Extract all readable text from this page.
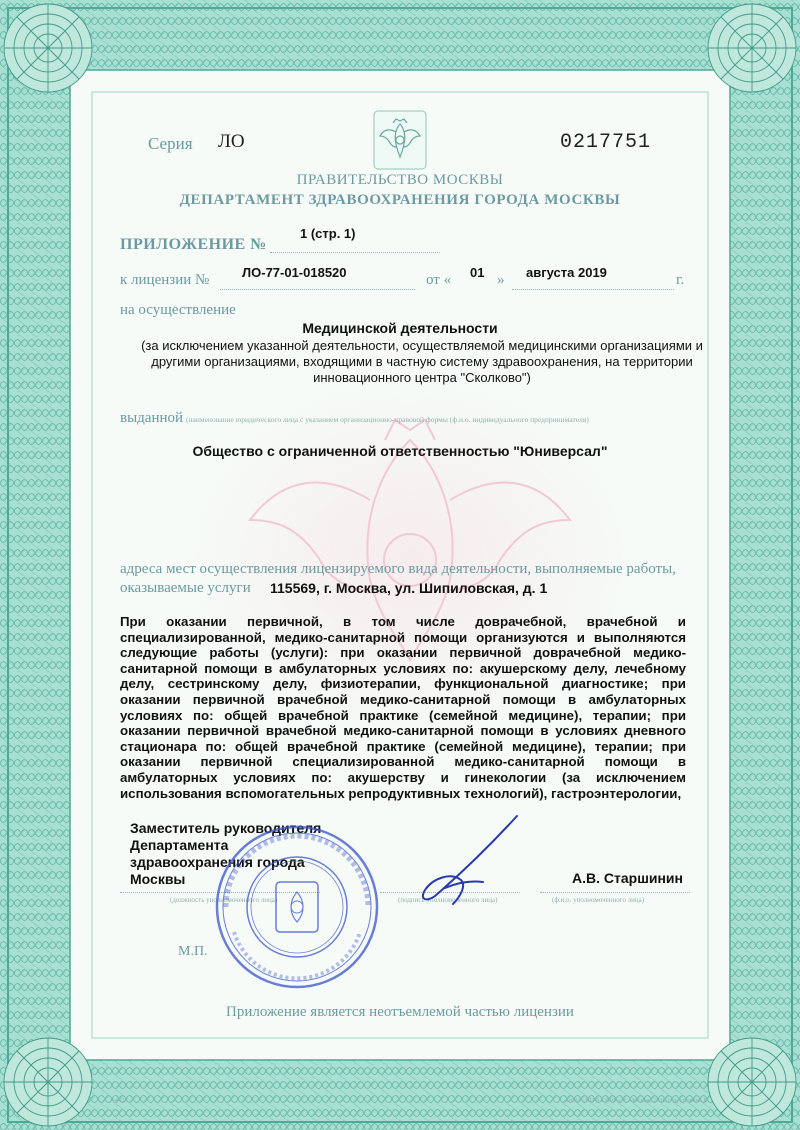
Серия ЛО	0217751
ПРАВИТЕЛЬСТВО МОСКВЫ
ДЕПАРТАМЕНТ ЗДРАВООХРАНЕНИЯ ГОРОДА МОСКВЫ
ПРИЛОЖЕНИЕ №
1 (стр. 1)
к лицензии №	ЛО-77-01-018520	от « 01 » августа 2019	г.
на осуществление
Медицинской деятельности
(за исключением указанной деятельности, осуществляемой медицинскими организациями и другими организациями, входящими в частную систему здравоохранения, на территории инновационного центра "Сколково")
выданной (наименование юридического лица с указанием организационно-правовой формы (ф.и.о. индивидуального предпринимателя)
Общество с ограниченной ответственностью "Юниверсал"
адреса мест осуществления лицензируемого вида деятельности, выполняемые работы,
оказываемые услуги 115569, г. Москва, ул. Шипиловская, д. 1
При оказании первичной, в том числе доврачебной, врачебной и специализированной, медико-санитарной помощи организуются и выполняются следующие работы (услуги): при оказании первичной доврачебной медико-санитарной помощи в амбулаторных условиях по: акушерскому делу, лечебному делу, сестринскому делу, физиотерапии, функциональной диагностике; при оказании первичной врачебной медико-санитарной помощи в амбулаторных условиях по: общей врачебной практике (семейной медицине), терапии; при оказании первичной врачебной медико-санитарной помощи в условиях дневного стационара по: общей врачебной практике (семейной медицине), терапии; при оказании первичной специализированной медико-санитарной помощи в амбулаторных условиях по: акушерству и гинекологии (за исключением использования вспомогательных репродуктивных технологий), гастроэнтерологии,
Заместитель руководителя
Департамента
здравоохранения города
Москвы	А.В. Старшинин
(должность уполномоченного лица)	(подпись уполномоченного лица)	(ф.и.о. уполномоченного лица)
М.П.
Приложение является неотъемлемой частью лицензии
А4437	ООО «НПФ ГРАФ», г. Москва, 2018 год, уровень В
